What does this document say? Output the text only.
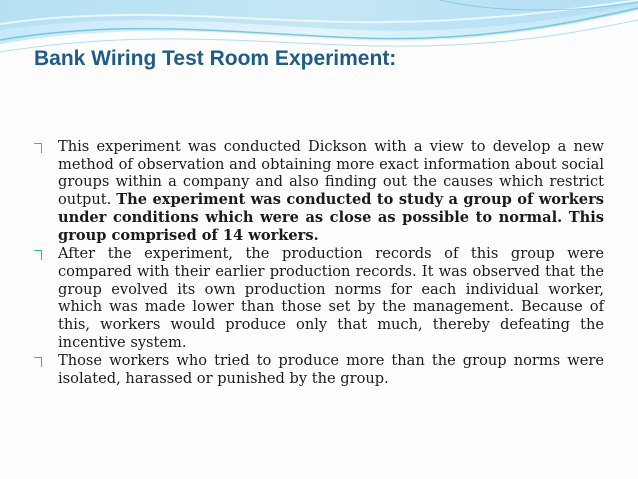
Bank Wiring Test Room Experiment:
This experiment was conducted Dickson with a view to develop a new method of observation and obtaining more exact information about social groups within a company and also finding out the causes which restrict output. The experiment was conducted to study a group of workers under conditions which were as close as possible to normal. This group comprised of 14 workers.
After the experiment, the production records of this group were compared with their earlier production records. It was observed that the group evolved its own production norms for each individual worker, which was made lower than those set by the management. Because of this, workers would produce only that much, thereby defeating the incentive system.
Those workers who tried to produce more than the group norms were isolated, harassed or punished by the group.
